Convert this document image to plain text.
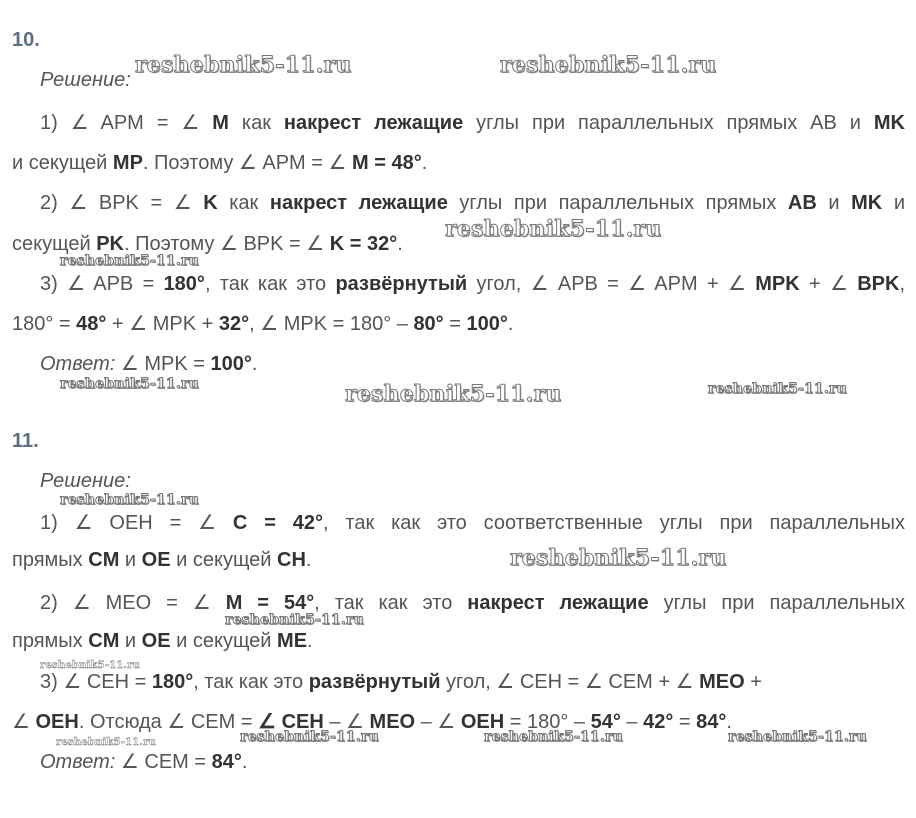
10.
Решение:
1) ∠ APM = ∠ M как накрест лежащие углы при параллельных прямых AB и MK
и секущей MP. Поэтому ∠ APM = ∠ M = 48°.
2) ∠ BPK = ∠ K как накрест лежащие углы при параллельных прямых AB и MK и
секущей PK. Поэтому ∠ BPK = ∠ K = 32°.
3) ∠ APB = 180°, так как это развёрнутый угол, ∠ APB = ∠ APM + ∠ MPK + ∠ BPK,
180° = 48° + ∠ MPK + 32°, ∠ MPK = 180° – 80° = 100°.
Ответ: ∠ MPK = 100°.
11.
Решение:
1) ∠ OEH = ∠ C = 42°, так как это соответственные углы при параллельных
прямых CM и OE и секущей CH.
2) ∠ MEO = ∠ M = 54°, так как это накрест лежащие углы при параллельных
прямых CM и OE и секущей ME.
3) ∠ CEH = 180°, так как это развёрнутый угол, ∠ CEH = ∠ CEM + ∠ MEO +
∠ OEH. Отсюда ∠ CEM = ∠ CEH – ∠ MEO – ∠ OEH = 180° – 54° – 42° = 84°.
Ответ: ∠ CEM = 84°.
reshebnik5-11.ru	reshebnik5-11.ru
reshebnik5-11.ru
reshebnik5-11.ru
reshebnik5-11.ru	reshebnik5-11.ru	reshebnik5-11.ru
reshebnik5-11.ru
reshebnik5-11.ru
reshebnik5-11.ru
reshebnik5-11.ru
reshebnik5-11.ru	reshebnik5-11.ru	reshebnik5-11.ru	reshebnik5-11.ru
